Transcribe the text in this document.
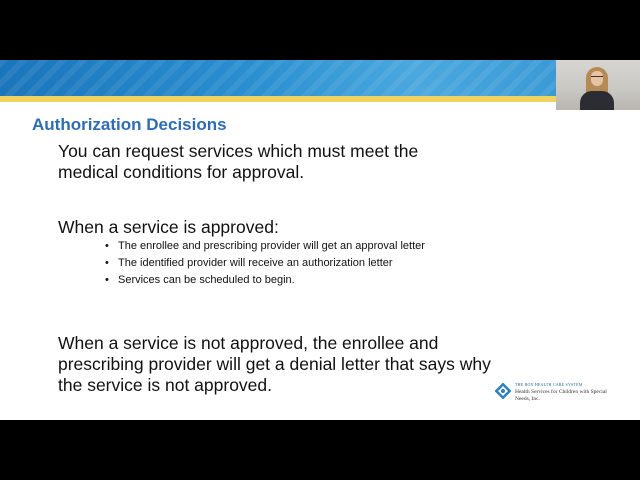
Authorization Decisions
You can request services which must meet the medical conditions for approval.
When a service is approved:
• The enrollee and prescribing provider will get an approval letter
• The identified provider will receive an authorization letter
• Services can be scheduled to begin.
When a service is not approved, the enrollee and prescribing provider will get a denial letter that says why the service is not approved.	THE BOX HEALTH CARE SYSTEM
Health Services for Children with Special Needs, Inc.
